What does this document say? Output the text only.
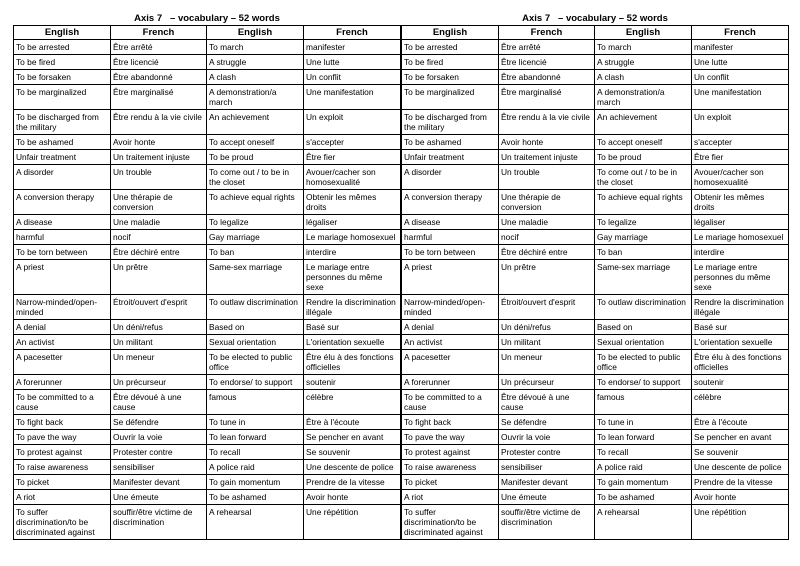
Axis 7   – vocabulary – 52 words
English	French	English	French
To be arrested	Être arrêté	To march	manifester
To be fired	Être licencié	A struggle	Une lutte
To be forsaken	Être abandonné	A clash	Un conflit
To be marginalized	Être marginalisé	A demonstration/a march	Une manifestation
To be discharged from the military	Être rendu à la vie civile	An achievement	Un exploit
To be ashamed	Avoir honte	To accept oneself	s'accepter
Unfair treatment	Un traitement injuste	To be proud	Être fier
A disorder	Un trouble	To come out / to be in the closet	Avouer/cacher son homosexualité
A conversion therapy	Une thérapie de conversion	To achieve equal rights	Obtenir les mêmes droits
A disease	Une maladie	To legalize	légaliser
harmful	nocif	Gay marriage	Le mariage homosexuel
To be torn between	Être déchiré entre	To ban	interdire
A priest	Un prêtre	Same-sex marriage	Le mariage entre personnes du même sexe
Narrow-minded/open-minded	Étroit/ouvert d'esprit	To outlaw discrimination	Rendre la discrimination illégale
A denial	Un déni/refus	Based on	Basé sur
An activist	Un militant	Sexual orientation	L'orientation sexuelle
A pacesetter	Un meneur	To be elected to public office	Être élu à des fonctions officielles
A forerunner	Un précurseur	To endorse/ to support	soutenir
To be committed to a cause	Être dévoué à une cause	famous	célèbre
To fight back	Se défendre	To tune in	Être à l'écoute
To pave the way	Ouvrir la voie	To lean forward	Se pencher en avant
To protest against	Protester contre	To recall	Se souvenir
To raise awareness	sensibiliser	A police raid	Une descente de police
To picket	Manifester devant	To gain momentum	Prendre de la vitesse
A riot	Une émeute	To be ashamed	Avoir honte
To suffer discrimination/to be discriminated against	souffir/être victime de discrimination	A rehearsal	Une répétition
Axis 7   – vocabulary – 52 words
English	French	English	French
To be arrested	Être arrêté	To march	manifester
To be fired	Être licencié	A struggle	Une lutte
To be forsaken	Être abandonné	A clash	Un conflit
To be marginalized	Être marginalisé	A demonstration/a march	Une manifestation
To be discharged from the military	Être rendu à la vie civile	An achievement	Un exploit
To be ashamed	Avoir honte	To accept oneself	s'accepter
Unfair treatment	Un traitement injuste	To be proud	Être fier
A disorder	Un trouble	To come out / to be in the closet	Avouer/cacher son homosexualité
A conversion therapy	Une thérapie de conversion	To achieve equal rights	Obtenir les mêmes droits
A disease	Une maladie	To legalize	légaliser
harmful	nocif	Gay marriage	Le mariage homosexuel
To be torn between	Être déchiré entre	To ban	interdire
A priest	Un prêtre	Same-sex marriage	Le mariage entre personnes du même sexe
Narrow-minded/open-minded	Étroit/ouvert d'esprit	To outlaw discrimination	Rendre la discrimination illégale
A denial	Un déni/refus	Based on	Basé sur
An activist	Un militant	Sexual orientation	L'orientation sexuelle
A pacesetter	Un meneur	To be elected to public office	Être élu à des fonctions officielles
A forerunner	Un précurseur	To endorse/ to support	soutenir
To be committed to a cause	Être dévoué à une cause	famous	célèbre
To fight back	Se défendre	To tune in	Être à l'écoute
To pave the way	Ouvrir la voie	To lean forward	Se pencher en avant
To protest against	Protester contre	To recall	Se souvenir
To raise awareness	sensibiliser	A police raid	Une descente de police
To picket	Manifester devant	To gain momentum	Prendre de la vitesse
A riot	Une émeute	To be ashamed	Avoir honte
To suffer discrimination/to be discriminated against	souffir/être victime de discrimination	A rehearsal	Une répétition
